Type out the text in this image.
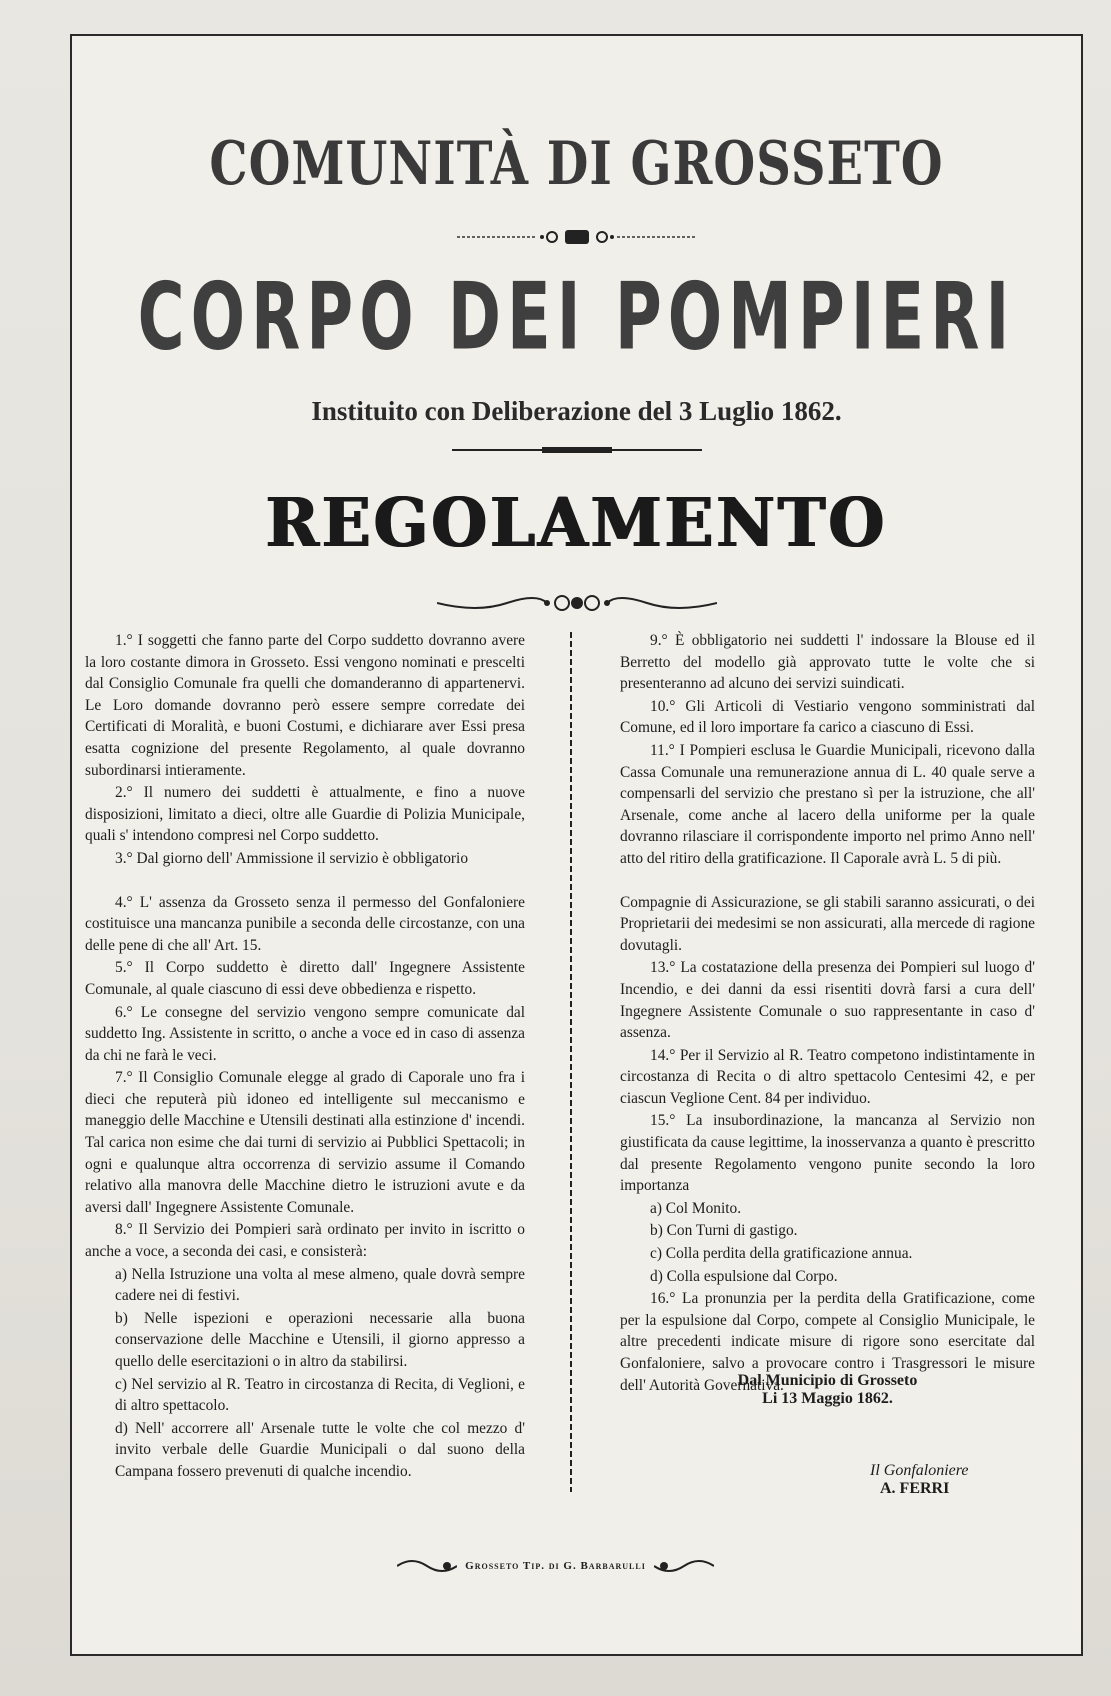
COMUNITÀ DI GROSSETO
CORPO DEI POMPIERI
Instituito con Deliberazione del 3 Luglio 1862.
REGOLAMENTO

1.° I soggetti che fanno parte del Corpo suddetto dovranno avere la loro costante dimora in Grosseto. Essi vengono nominati e prescelti dal Consiglio Comunale fra quelli che domanderanno di appartenervi. Le Loro domande dovranno però essere sempre corredate dei Certificati di Moralità, e buoni Costumi, e dichiarare aver Essi presa esatta cognizione del presente Regolamento, al quale dovranno subordinarsi intieramente.

2.° Il numero dei suddetti è attualmente, e fino a nuove disposizioni, limitato a dieci, oltre alle Guardie di Polizia Municipale, quali s' intendono compresi nel Corpo suddetto.

3.° Dal giorno dell' Ammissione il servizio è obbligatorio

4.° L' assenza da Grosseto senza il permesso del Gonfaloniere costituisce una mancanza punibile a seconda delle circostanze, con una delle pene di che all' Art. 15.

5.° Il Corpo suddetto è diretto dall' Ingegnere Assistente Comunale, al quale ciascuno di essi deve obbedienza e rispetto.

6.° Le consegne del servizio vengono sempre comunicate dal suddetto Ing. Assistente in scritto, o anche a voce ed in caso di assenza da chi ne farà le veci.

7.° Il Consiglio Comunale elegge al grado di Caporale uno fra i dieci che reputerà più idoneo ed intelligente sul meccanismo e maneggio delle Macchine e Utensili destinati alla estinzione d' incendi. Tal carica non esime che dai turni di servizio ai Pubblici Spettacoli; in ogni e qualunque altra occorrenza di servizio assume il Comando relativo alla manovra delle Macchine dietro le istruzioni avute e da aversi dall' Ingegnere Assistente Comunale.

8.° Il Servizio dei Pompieri sarà ordinato per invito in iscritto o anche a voce, a seconda dei casi, e consisterà:

a) Nella Istruzione una volta al mese almeno, quale dovrà sempre cadere nei di festivi.

b) Nelle ispezioni e operazioni necessarie alla buona conservazione delle Macchine e Utensili, il giorno appresso a quello delle esercitazioni o in altro da stabilirsi.

c) Nel servizio al R. Teatro in circostanza di Recita, di Veglioni, e di altro spettacolo.

d) Nell' accorrere all' Arsenale tutte le volte che col mezzo d' invito verbale delle Guardie Municipali o dal suono della Campana fossero prevenuti di qualche incendio.

9.° È obbligatorio nei suddetti l' indossare la Blouse ed il Berretto del modello già approvato tutte le volte che si presenteranno ad alcuno dei servizi suindicati.

10.° Gli Articoli di Vestiario vengono somministrati dal Comune, ed il loro importare fa carico a ciascuno di Essi.

11.° I Pompieri esclusa le Guardie Municipali, ricevono dalla Cassa Comunale una remunerazione annua di L. 40 quale serve a compensarli del servizio che prestano sì per la istruzione, che all' Arsenale, come anche al lacero della uniforme per la quale dovranno rilasciare il corrispondente importo nel primo Anno nell' atto del ritiro della gratificazione. Il Caporale avrà L. 5 di più.

Compagnie di Assicurazione, se gli stabili saranno assicurati, o dei Proprietarii dei medesimi se non assicurati, alla mercede di ragione dovutagli.

13.° La costatazione della presenza dei Pompieri sul luogo d' Incendio, e dei danni da essi risentiti dovrà farsi a cura dell' Ingegnere Assistente Comunale o suo rappresentante in caso d' assenza.

14.° Per il Servizio al R. Teatro competono indistintamente in circostanza di Recita o di altro spettacolo Centesimi 42, e per ciascun Veglione Cent. 84 per individuo.

15.° La insubordinazione, la mancanza al Servizio non giustificata da cause legittime, la inosservanza a quanto è prescritto dal presente Regolamento vengono punite secondo la loro importanza

a) Col Monito.

b) Con Turni di gastigo.

c) Colla perdita della gratificazione annua.

d) Colla espulsione dal Corpo.

16.° La pronunzia per la perdita della Gratificazione, come per la espulsione dal Corpo, compete al Consiglio Municipale, le altre precedenti indicate misure di rigore sono esercitate dal Gonfaloniere, salvo a provocare contro i Trasgressori le misure dell' Autorità Governativa.

Dal Municipio di Grosseto
Li 13 Maggio 1862.
Il Gonfaloniere
A. FERRI
Grosseto Tip. di G. Barbarulli
